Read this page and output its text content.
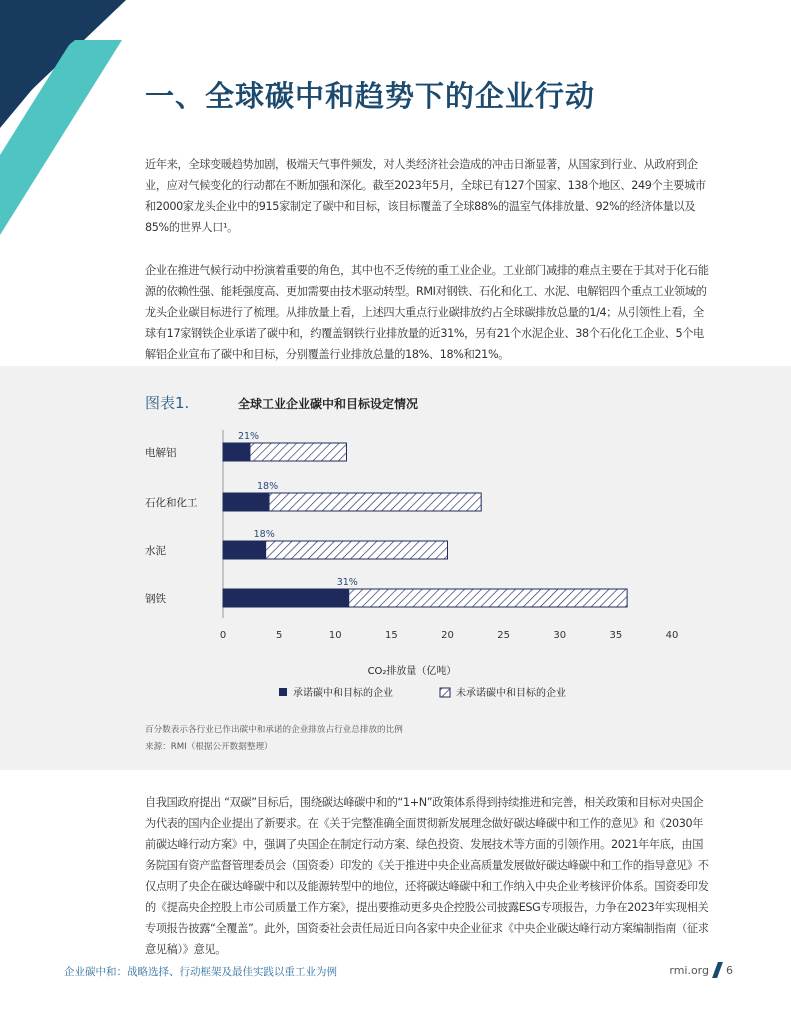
一、全球碳中和趋势下的企业行动
近年来，全球变暖趋势加剧，极端天气事件频发，对人类经济社会造成的冲击日渐显著，从国家到行业、从政府到企业，应对气候变化的行动都在不断加强和深化。截至2023年5月，全球已有127个国家、138个地区、249个主要城市和2000家龙头企业中的915家制定了碳中和目标，该目标覆盖了全球88%的温室气体排放量、92%的经济体量以及85%的世界人口¹。
企业在推进气候行动中扮演着重要的角色，其中也不乏传统的重工业企业。工业部门减排的难点主要在于其对于化石能源的依赖性强、能耗强度高、更加需要由技术驱动转型。RMI对钢铁、石化和化工、水泥、电解铝四个重点工业领域的龙头企业碳目标进行了梳理。从排放量上看，上述四大重点行业碳排放约占全球碳排放总量的1/4；从引领性上看，全球有17家钢铁企业承诺了碳中和，约覆盖钢铁行业排放量的近31%，另有21个水泥企业、38个石化化工企业、5个电解铝企业宣布了碳中和目标，分别覆盖行业排放总量的18%、18%和21%。
图表1.	全球工业企业碳中和目标设定情况
电解铝
21%
石化和化工
18%
水泥
18%
钢铁
31%
0	5	10	15	20	25	30	35	40
CO₂排放量（亿吨）
承诺碳中和目标的企业	未承诺碳中和目标的企业
百分数表示各行业已作出碳中和承诺的企业排放占行业总排放的比例
来源：RMI（根据公开数据整理）
自我国政府提出 “双碳”目标后，围绕碳达峰碳中和的“1+N”政策体系得到持续推进和完善，相关政策和目标对央国企为代表的国内企业提出了新要求。在《关于完整准确全面贯彻新发展理念做好碳达峰碳中和工作的意见》和《2030年前碳达峰行动方案》中，强调了央国企在制定行动方案、绿色投资、发展技术等方面的引领作用。2021年年底，由国务院国有资产监督管理委员会（国资委）印发的《关于推进中央企业高质量发展做好碳达峰碳中和工作的指导意见》不仅点明了央企在碳达峰碳中和以及能源转型中的地位，还将碳达峰碳中和工作纳入中央企业考核评价体系。国资委印发的《提高央企控股上市公司质量工作方案》，提出要推动更多央企控股公司披露ESG专项报告，力争在2023年实现相关专项报告披露“全覆盖”。此外，国资委社会责任局近日向各家中央企业征求《中央企业碳达峰行动方案编制指南（征求意见稿）》意见。
企业碳中和：战略选择、行动框架及最佳实践以重工业为例	rmi.org 6
